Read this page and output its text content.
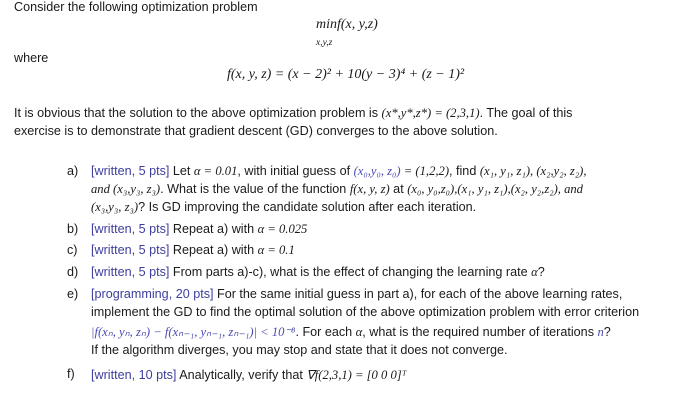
Consider the following optimization problem
minf(x, y,z)
x,y,z
where
f(x, y, z) = (x − 2)² + 10(y − 3)⁴ + (z − 1)²
It is obvious that the solution to the above optimization problem is (x*,y*,z*) = (2,3,1). The goal of this
exercise is to demonstrate that gradient descent (GD) converges to the above solution.
a) [written, 5 pts] Let α = 0.01, with initial guess of (x₀,y₀, z₀) = (1,2,2), find (x₁, y₁, z₁), (x₂,y₂, z₂),
and (x₃,y₃, z₃). What is the value of the function f(x, y, z) at (x₀, y₀,z₀),(x₁, y₁, z₁),(x₂, y₂,z₂), and
(x₃,y₃, z₃)? Is GD improving the candidate solution after each iteration.
b) [written, 5 pts] Repeat a) with α = 0.025
c) [written, 5 pts] Repeat a) with α = 0.1
d) [written, 5 pts] From parts a)-c), what is the effect of changing the learning rate α?
e) [programming, 20 pts] For the same initial guess in part a), for each of the above learning rates,
implement the GD to find the optimal solution of the above optimization problem with error criterion
|f(xₙ, yₙ, zₙ) − f(xₙ₋₁, yₙ₋₁, zₙ₋₁)| < 10⁻⁸. For each α, what is the required number of iterations n?
If the algorithm diverges, you may stop and state that it does not converge.
f) [written, 10 pts] Analytically, verify that ∇f(2,3,1) = [0 0 0]ᵀ
